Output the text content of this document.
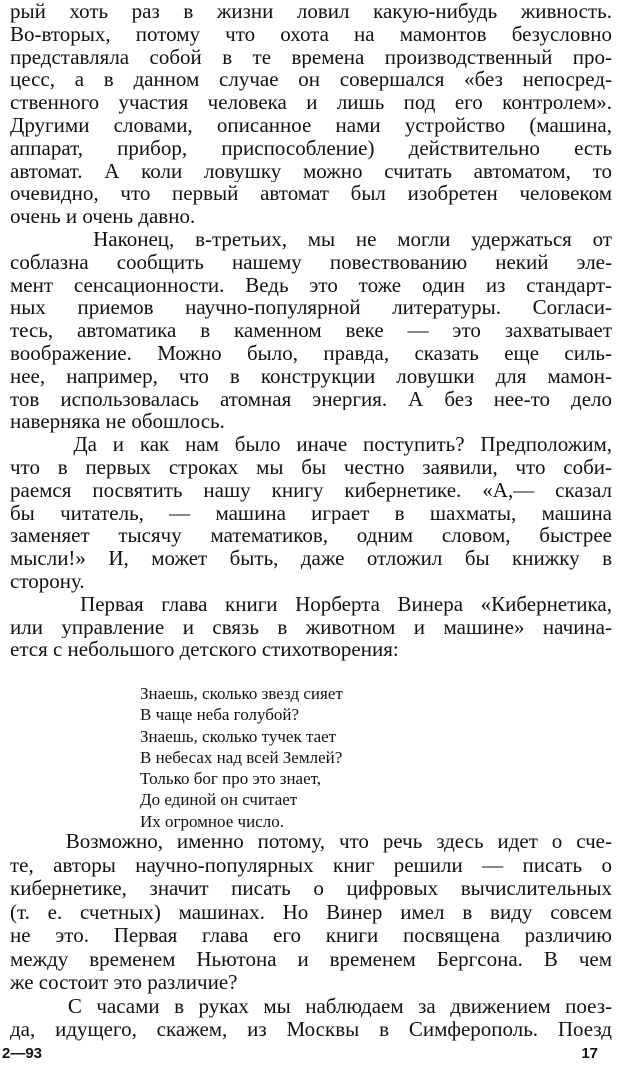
рый хоть раз в жизни ловил какую-нибудь живность.
Во-вторых, потому что охота на мамонтов безусловно
представляла собой в те времена производственный про-
цесс, а в данном случае он совершался «без непосред-
ственного участия человека и лишь под его контролем».
Другими словами, описанное нами устройство (машина,
аппарат, прибор, приспособление) действительно есть
автомат. А коли ловушку можно считать автоматом, то
очевидно, что первый автомат был изобретен человеком
очень и очень давно.
Наконец, в-третьих, мы не могли удержаться от
соблазна сообщить нашему повествованию некий эле-
мент сенсационности. Ведь это тоже один из стандарт-
ных приемов научно-популярной литературы. Согласи-
тесь, автоматика в каменном веке — это захватывает
воображение. Можно было, правда, сказать еще силь-
нее, например, что в конструкции ловушки для мамон-
тов использовалась атомная энергия. А без нее-то дело
наверняка не обошлось.
Да и как нам было иначе поступить? Предположим,
что в первых строках мы бы честно заявили, что соби-
раемся посвятить нашу книгу кибернетике. «А,— сказал
бы читатель, — машина играет в шахматы, машина
заменяет тысячу математиков, одним словом, быстрее
мысли!» И, может быть, даже отложил бы книжку в
сторону.
Первая глава книги Норберта Винера «Кибернетика,
или управление и связь в животном и машине» начина-
ется с небольшого детского стихотворения:
Знаешь, сколько звезд сияет
В чаще неба голубой?
Знаешь, сколько тучек тает
В небесах над всей Землей?
Только бог про это знает,
До единой он считает
Их огромное число.
Возможно, именно потому, что речь здесь идет о сче-
те, авторы научно-популярных книг решили — писать о
кибернетике, значит писать о цифровых вычислительных
(т. е. счетных) машинах. Но Винер имел в виду совсем
не это. Первая глава его книги посвящена различию
между временем Ньютона и временем Бергсона. В чем
же состоит это различие?
С часами в руках мы наблюдаем за движением поез-
да, идущего, скажем, из Москвы в Симферополь. Поезд
2—93	17
